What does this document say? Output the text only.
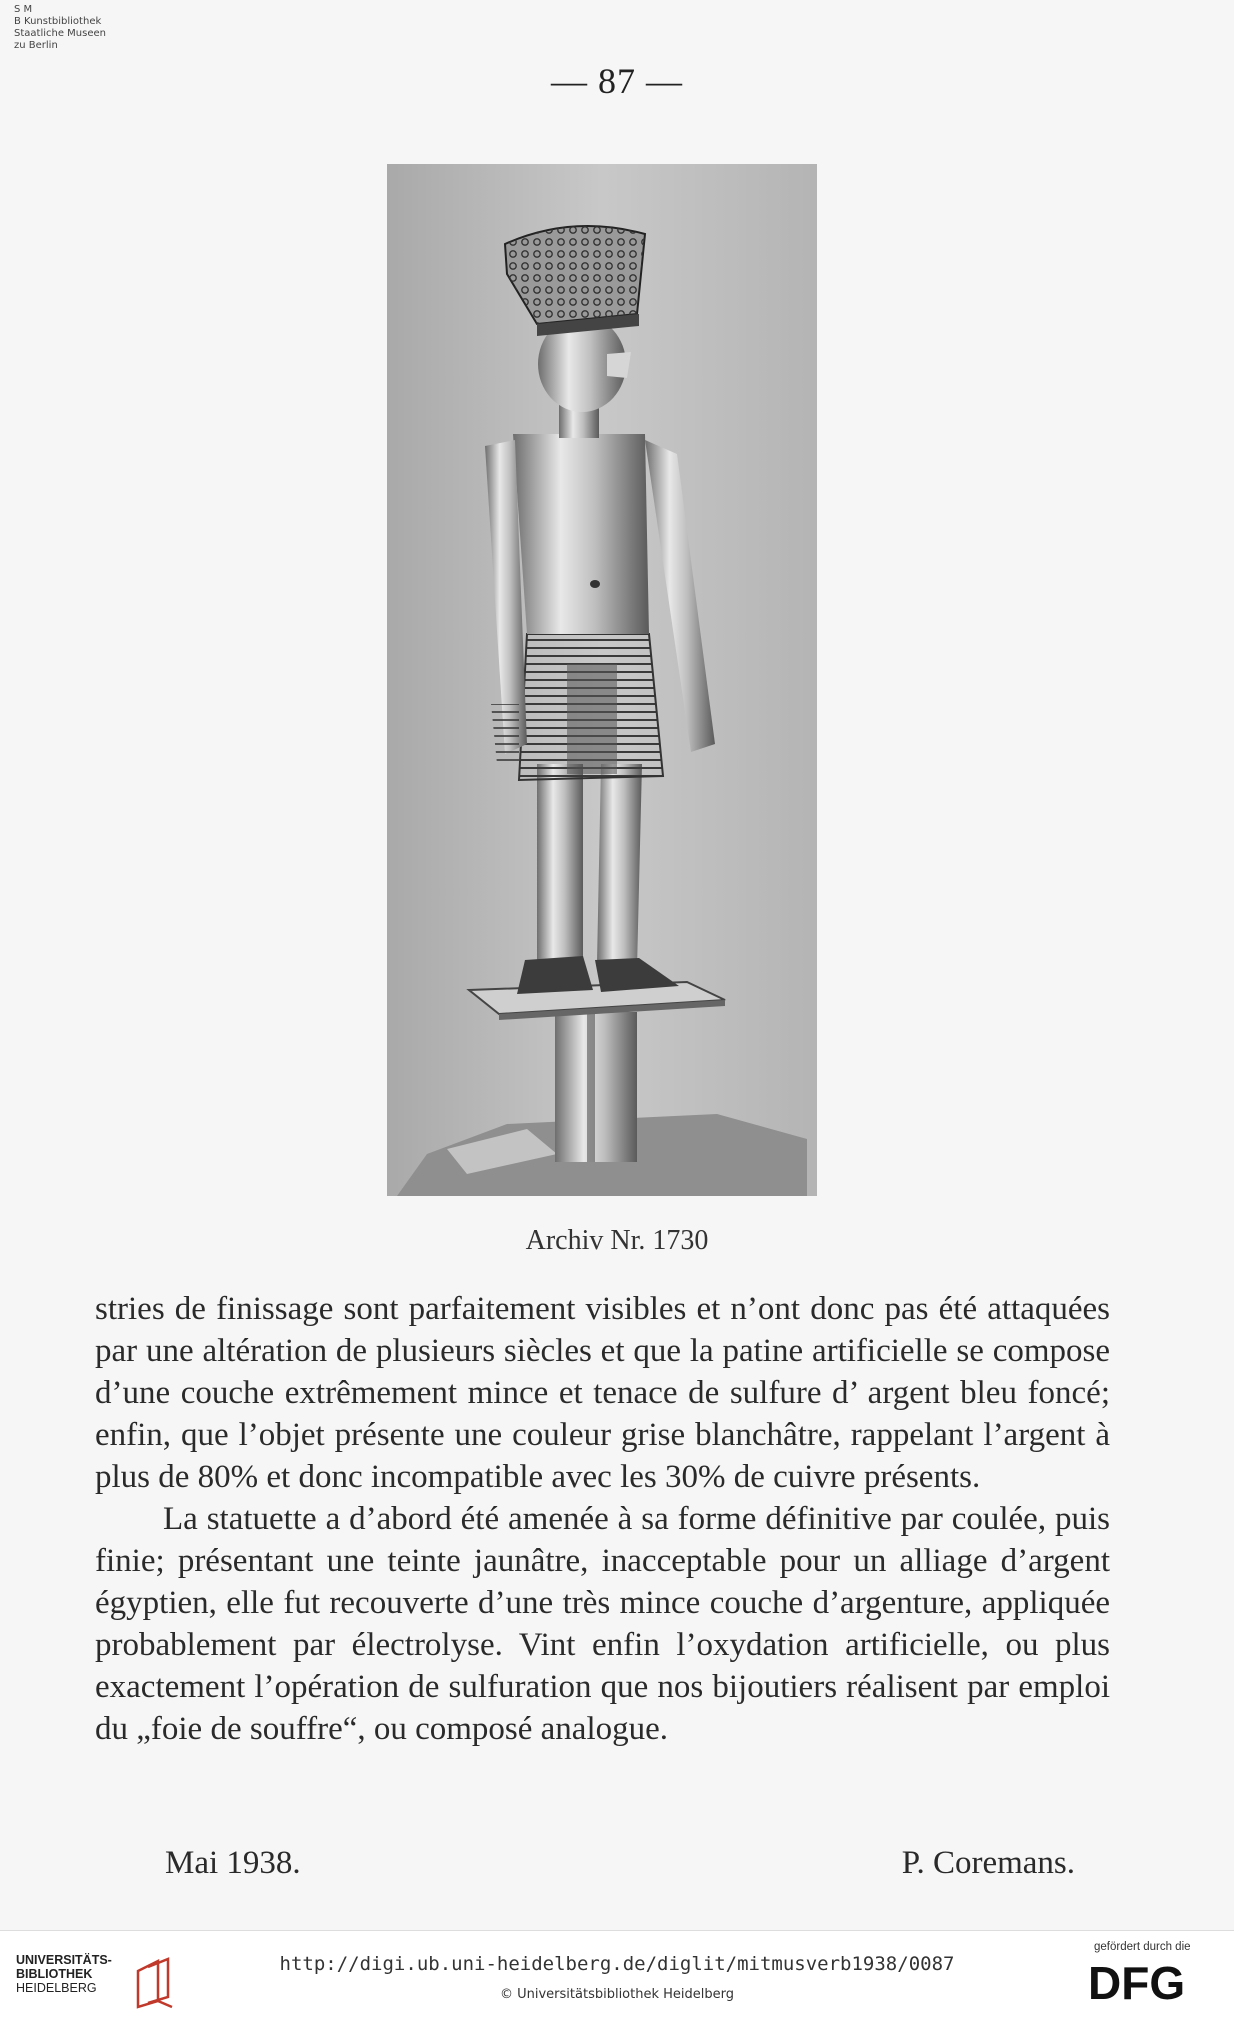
S M
B Kunstbibliothek
Staatliche Museen
zu Berlin
— 87 —
Archiv Nr. 1730

stries de finissage sont parfaitement visibles et n’ont donc pas été attaquées par une altération de plusieurs siècles et que la patine artificielle se compose d’une couche extrêmement mince et tenace de sulfure d’ argent bleu foncé; enfin, que l’objet présente une couleur grise blanchâtre, rappelant l’argent à plus de 80% et donc incompatible avec les 30% de cuivre présents.

La statuette a d’abord été amenée à sa forme définitive par coulée, puis finie; présentant une teinte jaunâtre, inacceptable pour un alliage d’argent égyptien, elle fut recouverte d’une très mince couche d’argenture, appliquée probablement par électrolyse. Vint enfin l’oxydation artificielle, ou plus exactement l’opération de sulfuration que nos bijoutiers réalisent par emploi du „foie de souffre“, ou composé analogue.

Mai 1938.	P. Coremans.
UNIVERSITÄTS-
BIBLIOTHEK
HEIDELBERG
http://digi.ub.uni-heidelberg.de/diglit/mitmusverb1938/0087
© Universitätsbibliothek Heidelberg
gefördert durch die
DFG
